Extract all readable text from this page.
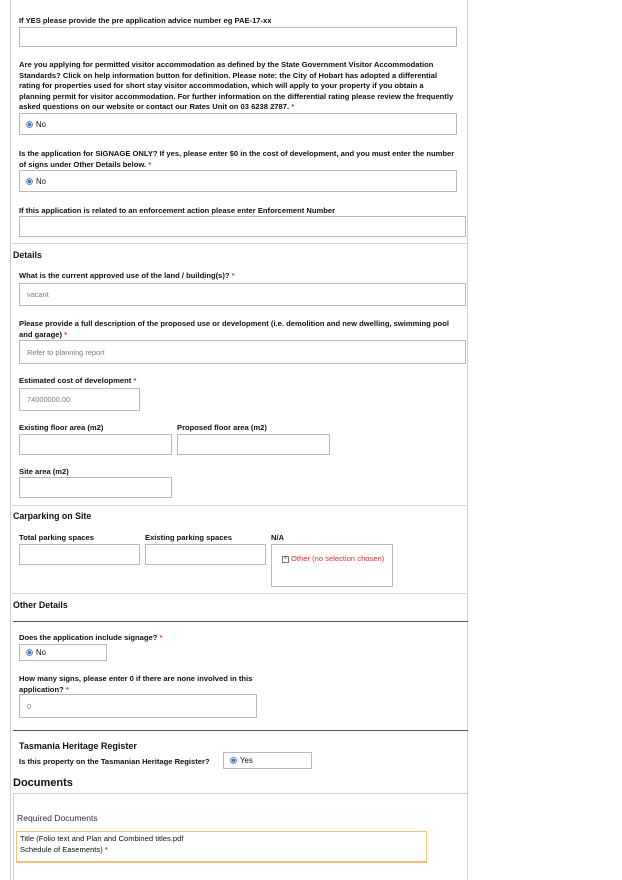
If YES please provide the pre application advice number eg PAE-17-xx
Are you applying for permitted visitor accommodation as defined by the State Government Visitor Accommodation Standards? Click on help information button for definition. Please note: the City of Hobart has adopted a differential rating for properties used for short stay visitor accommodation, which will apply to your property if you obtain a planning permit for visitor accommodation. For further information on the differential rating please review the frequently asked questions on our website or contact our Rates Unit on 03 6238 2787. *
No
Is the application for SIGNAGE ONLY? If yes, please enter $0 in the cost of development, and you must enter the number of signs under Other Details below. *
No
If this application is related to an enforcement action please enter Enforcement Number
Details
What is the current approved use of the land / building(s)? *
vacant
Please provide a full description of the proposed use or development (i.e. demolition and new dwelling, swimming pool and garage) *
Refer to planning report
Estimated cost of development *
74000000.00
Existing floor area (m2)	Proposed floor area (m2)
Site area (m2)
Carparking on Site
Total parking spaces	Existing parking spaces	N/A
× Other (no selection chosen)
Other Details
Does the application include signage? *
No
How many signs, please enter 0 if there are none involved in this application? *
0
Tasmania Heritage Register
Is this property on the Tasmanian Heritage Register?	Yes
Documents
Required Documents
Title (Folio text and Plan and Combined titles.pdf
Schedule of Easements) *
